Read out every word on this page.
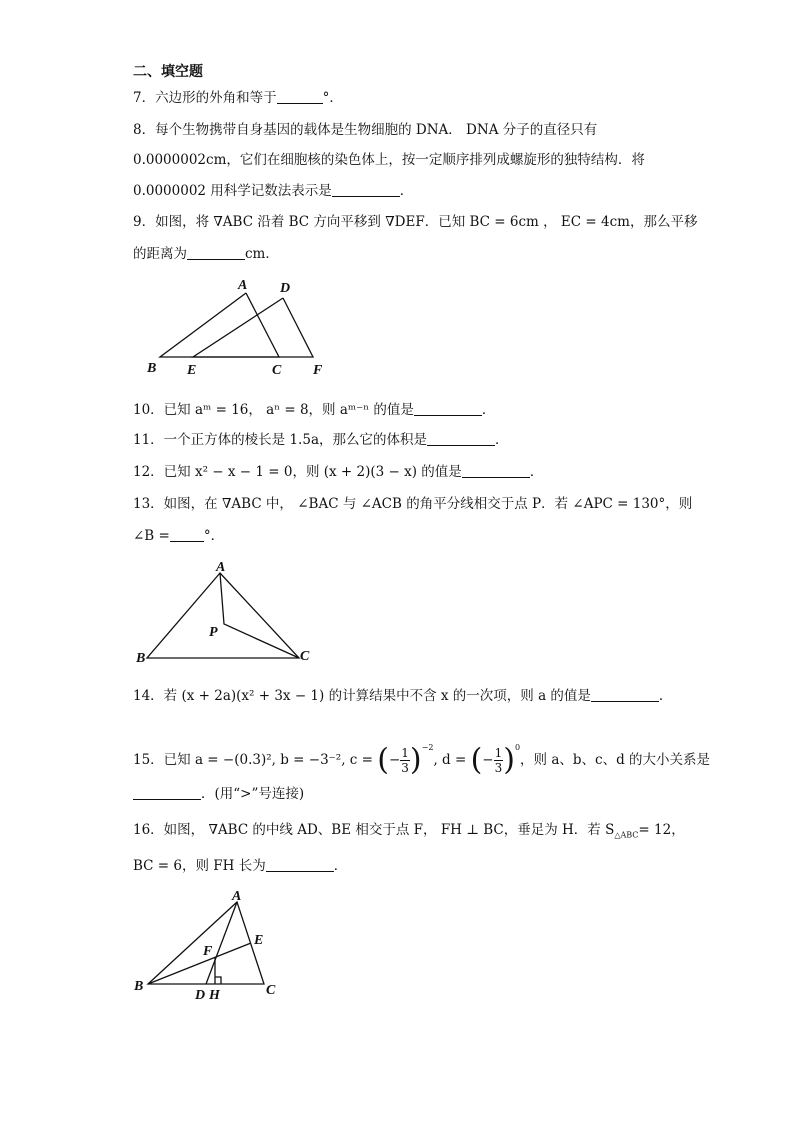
二、填空题
7．六边形的外角和等于	°．
8．每个生物携带自身基因的载体是生物细胞的 DNA． DNA 分子的直径只有
0.0000002cm，它们在细胞核的染色体上，按一定顺序排列成螺旋形的独特结构．将
0.0000002 用科学记数法表示是	．
9．如图，将 ∇ABC 沿着 BC 方向平移到 ∇DEF．已知 BC = 6cm ， EC = 4cm，那么平移
的距离为	cm．
A D
B E	C F
10．已知 aᵐ = 16， aⁿ = 8，则 aᵐ⁻ⁿ 的值是	．
11．一个正方体的棱长是 1.5a，那么它的体积是	．
12．已知 x² − x − 1 = 0，则 (x + 2)(3 − x) 的值是	．
13．如图，在 ∇ABC 中， ∠BAC 与 ∠ACB 的角平分线相交于点 P．若 ∠APC = 130°，则
∠B =	°．
A
P
B	C
14．若 (x + 2a)(x² + 3x − 1) 的计算结果中不含 x 的一次项，则 a 的值是	．
15．已知 a = −(0.3)², b = −3⁻², c = (− $\frac{1}{3} )^{-2}$, d = (− $\frac{1}{3} )^0$，则 a、b、c、d 的大小关系是
．(用“>”号连接)
16．如图， ∇ABC 的中线 AD、BE 相交于点 F， FH ⊥ BC，垂足为 H．若 $S_{\triangle ABC}= 12$，
BC = 6，则 FH 长为	．
A
E
F
B
D H	C
